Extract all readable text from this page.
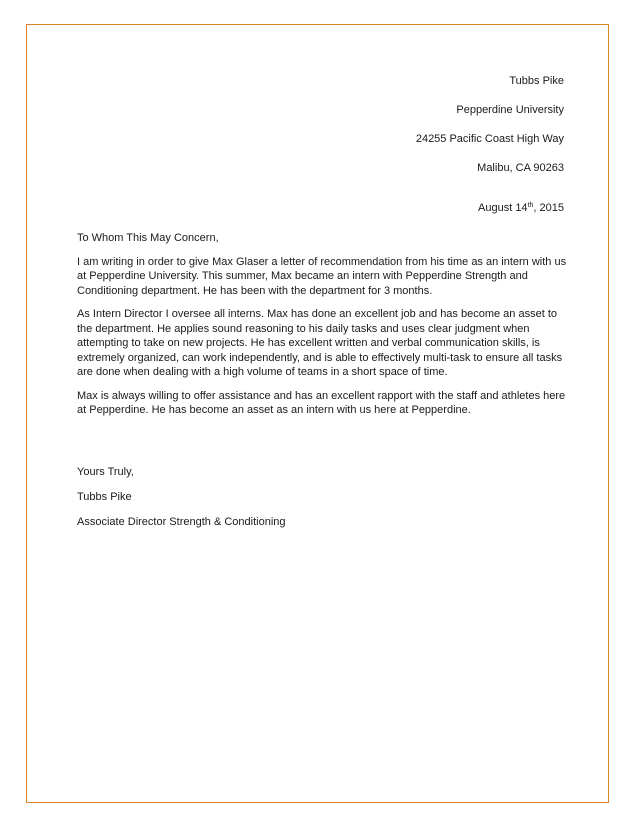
Tubbs Pike
Pepperdine University
24255 Pacific Coast High Way
Malibu, CA 90263
August 14th, 2015

To Whom This May Concern,

I am writing in order to give Max Glaser a letter of recommendation from his time as an intern with us at Pepperdine University. This summer, Max became an intern with Pepperdine Strength and Conditioning department. He has been with the department for 3 months.

As Intern Director I oversee all interns. Max has done an excellent job and has become an asset to the department. He applies sound reasoning to his daily tasks and uses clear judgment when attempting to take on new projects. He has excellent written and verbal communication skills, is extremely organized, can work independently, and is able to effectively multi-task to ensure all tasks are done when dealing with a high volume of teams in a short space of time.

Max is always willing to offer assistance and has an excellent rapport with the staff and athletes here at Pepperdine. He has become an asset as an intern with us here at Pepperdine.

Yours Truly,
Tubbs Pike
Associate Director Strength & Conditioning
